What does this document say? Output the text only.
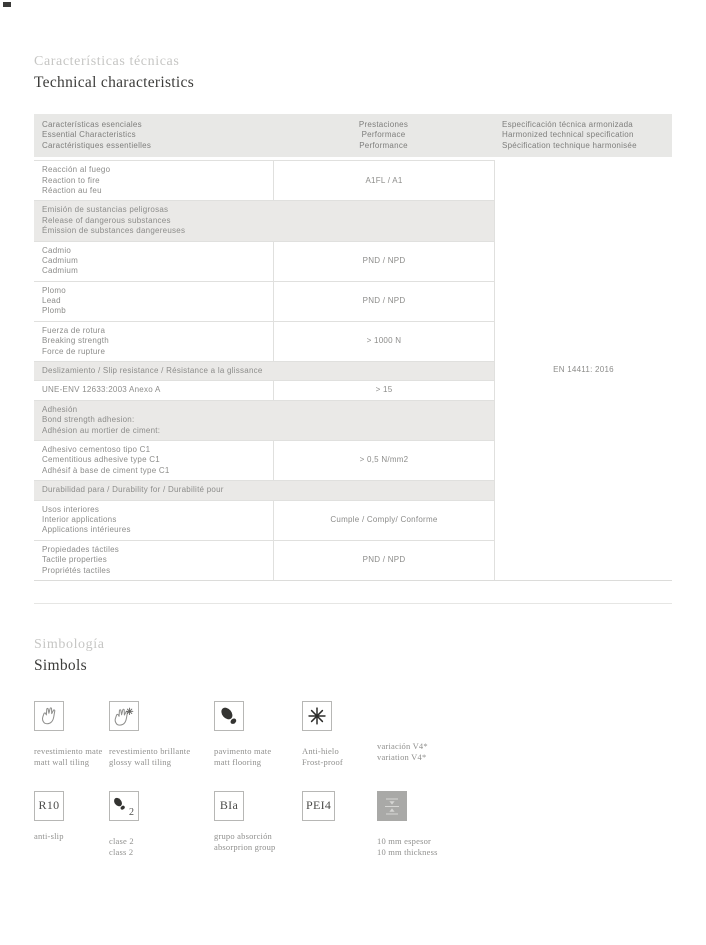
Características técnicas
Technical characteristics
Características esenciales
Essential Characteristics
Caractéristiques essentielles
Prestaciones
Performace
Performance
Especificación técnica armonizada
Harmonized technical specification
Spécification technique harmonisée
Reacción al fuego
Reaction to fire
Réaction au feu
A1FL / A1
Emisión de sustancias peligrosas
Release of dangerous substances
Émission de substances dangereuses
Cadmio
Cadmium
Cadmium
PND / NPD
Plomo
Lead
Plomb
PND / NPD
Fuerza de rotura
Breaking strength
Force de rupture
> 1000 N
Deslizamiento / Slip resistance / Résistance a la glissance
UNE-ENV 12633:2003 Anexo A	> 15
Adhesión
Bond strength adhesion:
Adhésion au mortier de ciment:
Adhesivo cementoso tipo C1
Cementitious adhesive type C1
Adhésif à base de ciment type C1
> 0,5 N/mm2
Durabilidad para / Durability for / Durabilité pour
Usos interiores
Interior applications
Applications intérieures
Cumple / Comply/ Conforme
Propiedades táctiles
Tactile properties
Propriétés tactiles
PND / NPD
EN 14411: 2016
Simbología
Simbols
revestimiento mate
matt wall tiling
revestimiento brillante
glossy wall tiling
pavimento mate
matt flooring
Anti-hielo
Frost-proof
variación V4*
variation V4*
R10
anti-slip
2
clase 2
class 2
BIa
grupo absorción
absorprion group
PEI4
10 mm espesor
10 mm thickness
